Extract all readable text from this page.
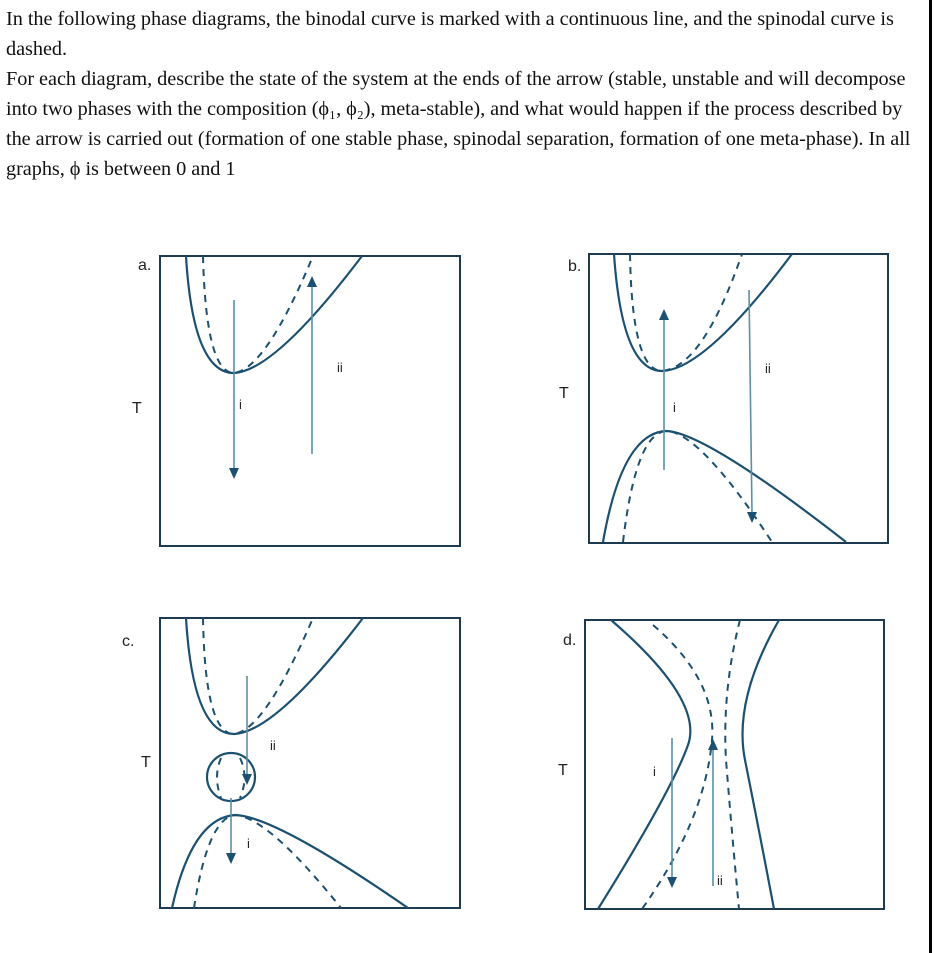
In the following phase diagrams, the binodal curve is marked with a continuous line, and the spinodal curve is dashed.

For each diagram, describe the state of the system at the ends of the arrow (stable, unstable and will decompose into two phases with the composition (ϕ₁, ϕ₂), meta-stable), and what would happen if the process described by the arrow is carried out (formation of one stable phase, spinodal separation, formation of one meta-phase). In all graphs, ϕ is between 0 and 1

a.
T	i
ii
b.
T
i
ii
c.
T
ii
i
d.
T	i
ii
